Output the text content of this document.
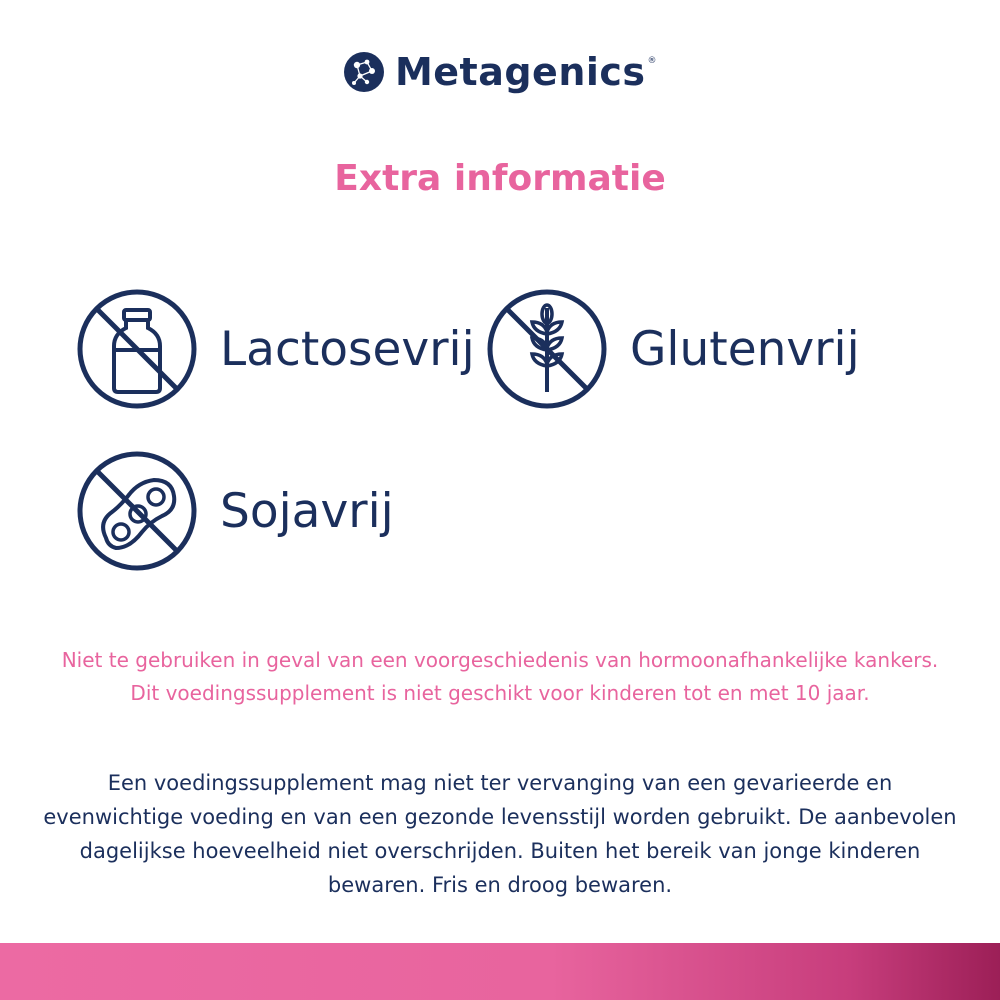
Metagenics ®
Extra informatie
Lactosevrij	Glutenvrij
Sojavrij
Niet te gebruiken in geval van een voorgeschiedenis van hormoonafhankelijke kankers. Dit voedingssupplement is niet geschikt voor kinderen tot en met 10 jaar.
Een voedingssupplement mag niet ter vervanging van een gevarieerde en evenwichtige voeding en van een gezonde levensstijl worden gebruikt. De aanbevolen dagelijkse hoeveelheid niet overschrijden. Buiten het bereik van jonge kinderen bewaren. Fris en droog bewaren.
